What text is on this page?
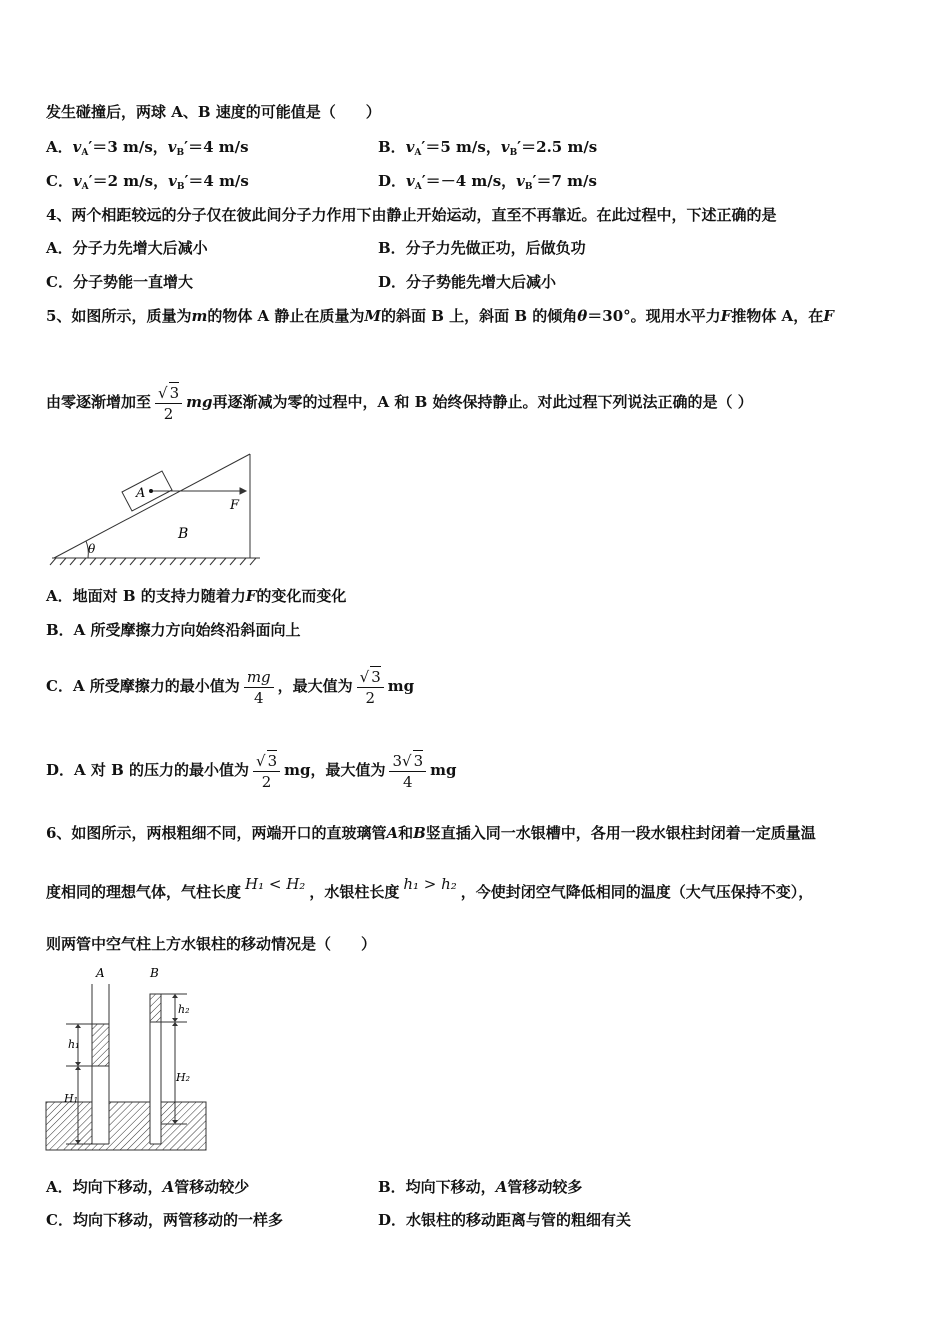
发生碰撞后，两球 A、B 速度的可能值是（　　）
A．$v_A'=3$ m/s，$v_B'=4$ m/s	B．$v_A'=5$ m/s，$v_B'=2.5$ m/s
C．$v_A'=2$ m/s，$v_B'=4$ m/s	D．$v_A'=-4$ m/s，$v_B'=7$ m/s
4、两个相距较远的分子仅在彼此间分子力作用下由静止开始运动，直至不再靠近。在此过程中，下述正确的是
A．分子力先增大后减小	B．分子力先做正功，后做负功
C．分子势能一直增大	D．分子势能先增大后减小
5、如图所示，质量为m的物体 A 静止在质量为M的斜面 B 上，斜面 B 的倾角θ＝30°。现用水平力F推物体 A，在F
由零逐渐增加至 $\frac{√ 3}{2}$ mg再逐渐减为零的过程中，A 和 B 始终保持静止。对此过程下列说法正确的是（ ）
A
F
B
θ
A．地面对 B 的支持力随着力F的变化而变化
B．A 所受摩擦力方向始终沿斜面向上
C．A 所受摩擦力的最小值为 $\frac{mg}{4}$ ，最大值为 $\frac{√ 3}{2}$ mg
D．A 对 B 的压力的最小值为 $\frac{√ 3}{2}$ mg，最大值为 $\frac{3√ 3}{4}$ mg
6、如图所示，两根粗细不同，两端开口的直玻璃管A和B竖直插入同一水银槽中，各用一段水银柱封闭着一定质量温
度相同的理想气体，气柱长度 H₁ < H₂ ，水银柱长度 h₁ > h₂ ，今使封闭空气降低相同的温度（大气压保持不变），
则两管中空气柱上方水银柱的移动情况是（　　）
A	B
h₁
H₁
h₂
H₂
A．均向下移动，A管移动较少	B．均向下移动，A管移动较多
C．均向下移动，两管移动的一样多	D．水银柱的移动距离与管的粗细有关
